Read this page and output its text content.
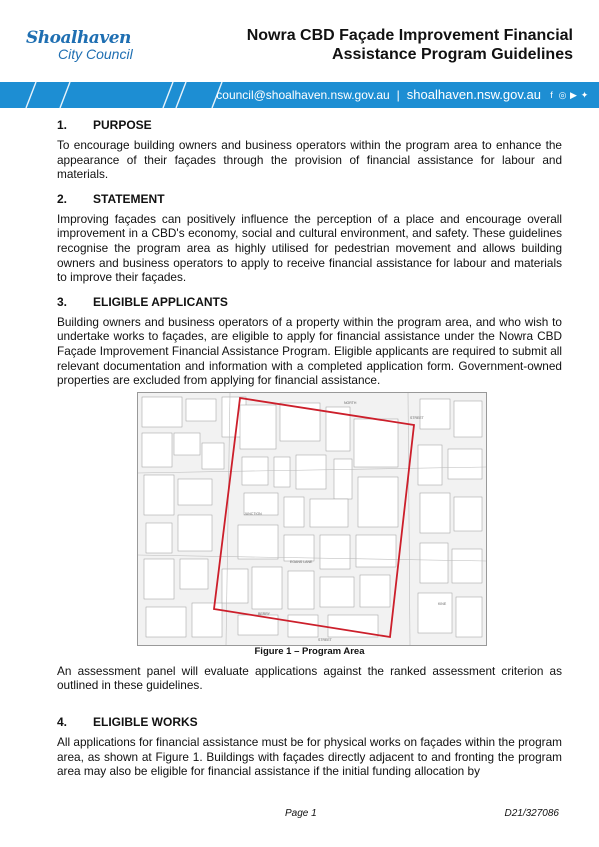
Shoalhaven
City Council
Nowra CBD Façade Improvement Financial
Assistance Program Guidelines
council@shoalhaven.nsw.gov.au | shoalhaven.nsw.gov.au	f ◎ ▶ ✦
1.	PURPOSE

To encourage building owners and business operators within the program area to enhance the appearance of their façades through the provision of financial assistance for labour and materials.

2.	STATEMENT

Improving façades can positively influence the perception of a place and encourage overall improvement in a CBD's economy, social and cultural environment, and safety. These guidelines recognise the program area as highly utilised for pedestrian movement and allows building owners and business operators to apply to receive financial assistance for labour and materials to improve their façades.

3.	ELIGIBLE APPLICANTS

Building owners and business operators of a property within the program area, and who wish to undertake works to façades, are eligible to apply for financial assistance under the Nowra CBD Façade Improvement Financial Assistance Program. Eligible applicants are required to submit all relevant documentation and information with a completed application form. Government-owned properties are excluded from applying for financial assistance.

NORTH
STREET
STREET
BERRY
JUNCTION
EGANS LANE
KINE
Figure 1 – Program Area

An assessment panel will evaluate applications against the ranked assessment criterion as outlined in these guidelines.

4.	ELIGIBLE WORKS

All applications for financial assistance must be for physical works on façades within the program area, as shown at Figure 1. Buildings with façades directly adjacent to and fronting the program area may also be eligible for financial assistance if the initial funding allocation by

Page 1	D21/327086
